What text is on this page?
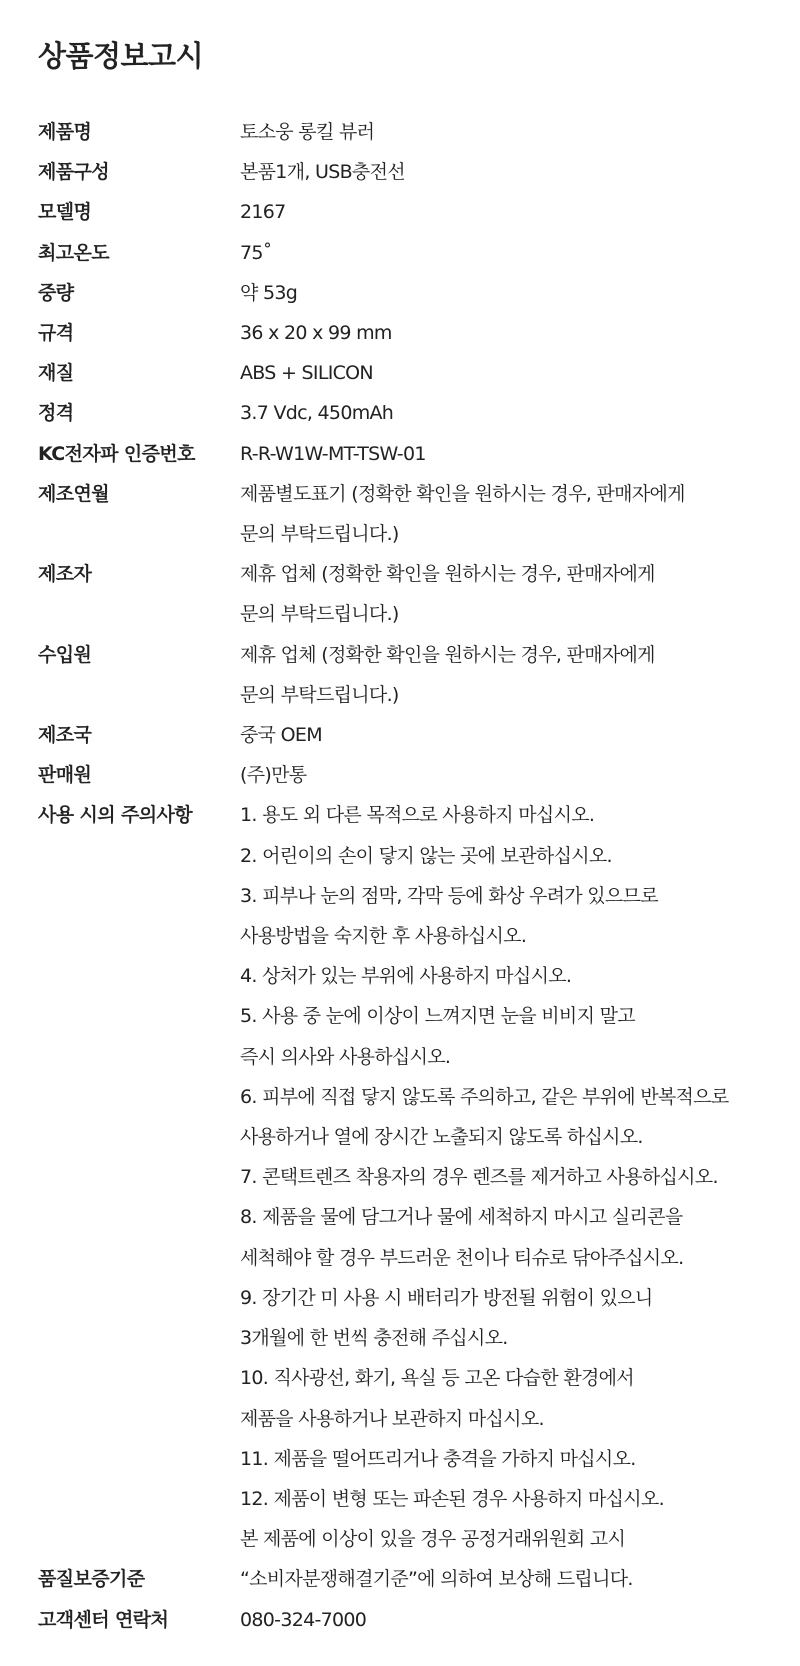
상품정보고시
제품명	토소웅 롱킬 뷰러
제품구성	본품1개, USB충전선
모델명	2167
최고온도	75˚
중량	약 53g
규격	36 x 20 x 99 mm
재질	ABS + SILICON
정격	3.7 Vdc, 450mAh
KC전자파 인증번호	R-R-W1W-MT-TSW-01
제조연월	제품별도표기 (정확한 확인을 원하시는 경우, 판매자에게
문의 부탁드립니다.)
제조자	제휴 업체 (정확한 확인을 원하시는 경우, 판매자에게
문의 부탁드립니다.)
수입원	제휴 업체 (정확한 확인을 원하시는 경우, 판매자에게
문의 부탁드립니다.)
제조국	중국 OEM
판매원	(주)만통
사용 시의 주의사항	1. 용도 외 다른 목적으로 사용하지 마십시오.
2. 어린이의 손이 닿지 않는 곳에 보관하십시오.
3. 피부나 눈의 점막, 각막 등에 화상 우려가 있으므로
사용방법을 숙지한 후 사용하십시오.
4. 상처가 있는 부위에 사용하지 마십시오.
5. 사용 중 눈에 이상이 느껴지면 눈을 비비지 말고
즉시 의사와 사용하십시오.
6. 피부에 직접 닿지 않도록 주의하고, 같은 부위에 반복적으로
사용하거나 열에 장시간 노출되지 않도록 하십시오.
7. 콘택트렌즈 착용자의 경우 렌즈를 제거하고 사용하십시오.
8. 제품을 물에 담그거나 물에 세척하지 마시고 실리콘을
세척해야 할 경우 부드러운 천이나 티슈로 닦아주십시오.
9. 장기간 미 사용 시 배터리가 방전될 위험이 있으니
3개월에 한 번씩 충전해 주십시오.
10. 직사광선, 화기, 욕실 등 고온 다습한 환경에서
제품을 사용하거나 보관하지 마십시오.
11. 제품을 떨어뜨리거나 충격을 가하지 마십시오.
12. 제품이 변형 또는 파손된 경우 사용하지 마십시오.
본 제품에 이상이 있을 경우 공정거래위원회 고시
품질보증기준	“소비자분쟁해결기준”에 의하여 보상해 드립니다.
고객센터 연락처	080-324-7000
